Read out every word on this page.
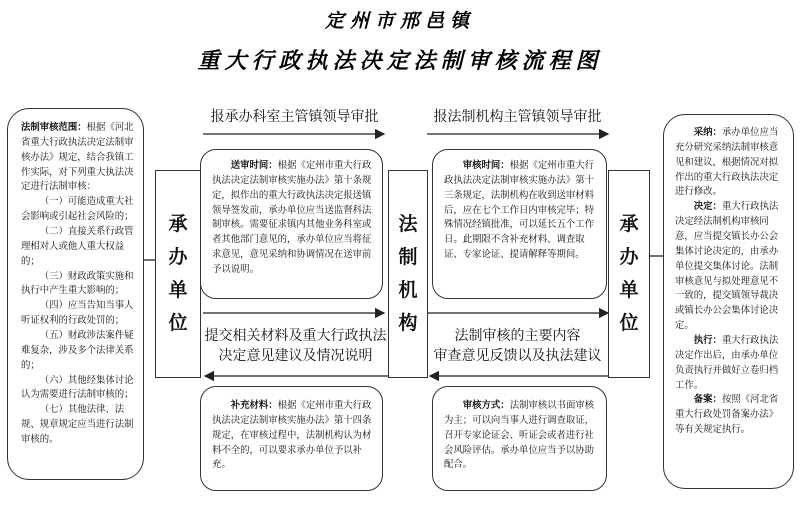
定州市邢邑镇
重大行政执法决定法制审核流程图

法制审核范围：根据《河北省重大行政执法决定法制审核办法》规定，结合我镇工作实际，对下列重大执法决定进行法制审核：

（一）可能造成重大社会影响或引起社会风险的；

（二）直接关系行政管理相对人或他人重大权益的；

（三）财政政策实施和执行中产生重大影响的；

（四）应当告知当事人听证权利的行政处罚的；

（五）财政涉法案件疑难复杂，涉及多个法律关系的；

（六）其他经集体讨论认为需要进行法制审核的；

（七）其他法律、法规、规章规定应当进行法制审核的。

承
办
单
位
法
制
机
构
承
办
单
位
报承办科室主管镇领导审批	报法制机构主管镇领导审批
提交相关材料及重大行政执法
决定意见建议及情况说明
法制审核的主要内容
审查意见反馈以及执法建议

送审时间：根据《定州市重大行政执法决定法制审核实施办法》第十条规定，拟作出的重大行政执法决定报送镇领导签发前，承办单位应当送监督科法制审核。需要征求镇内其他业务科室或者其他部门意见的，承办单位应当将征求意见，意见采纳和协调情况在送审前予以说明。

审核时间：根据《定州市重大行政执法决定法制审核实施办法》第十三条规定，法制机构在收到送审材料后，应在七个工作日内审核完毕；特殊情况经镇批准，可以延长五个工作日。此期限不含补充材料、调查取证、专家论证、提请解释等期间。

补充材料：根据《定州市重大行政执法决定法制审核实施办法》第十四条规定，在审核过程中，法制机构认为材料不全的，可以要求承办单位予以补充。

审核方式：法制审核以书面审核为主；可以向当事人进行调查取证，召开专家论证会、听证会或者进行社会风险评估。承办单位应当予以协助配合。

采纳：承办单位应当充分研究采纳法制审核意见和建议，根据情况对拟作出的重大行政执法决定进行修改。

决定：重大行政执法决定经法制机构审核同意，应当提交镇长办公会集体讨论决定的，由承办单位提交集体讨论。法制审核意见与拟处理意见不一致的，提交镇领导裁决或镇长办公会集体讨论决定。

执行：重大行政执法决定作出后，由承办单位负责执行并做好立卷归档工作。

备案：按照《河北省重大行政处罚备案办法》等有关规定执行。
